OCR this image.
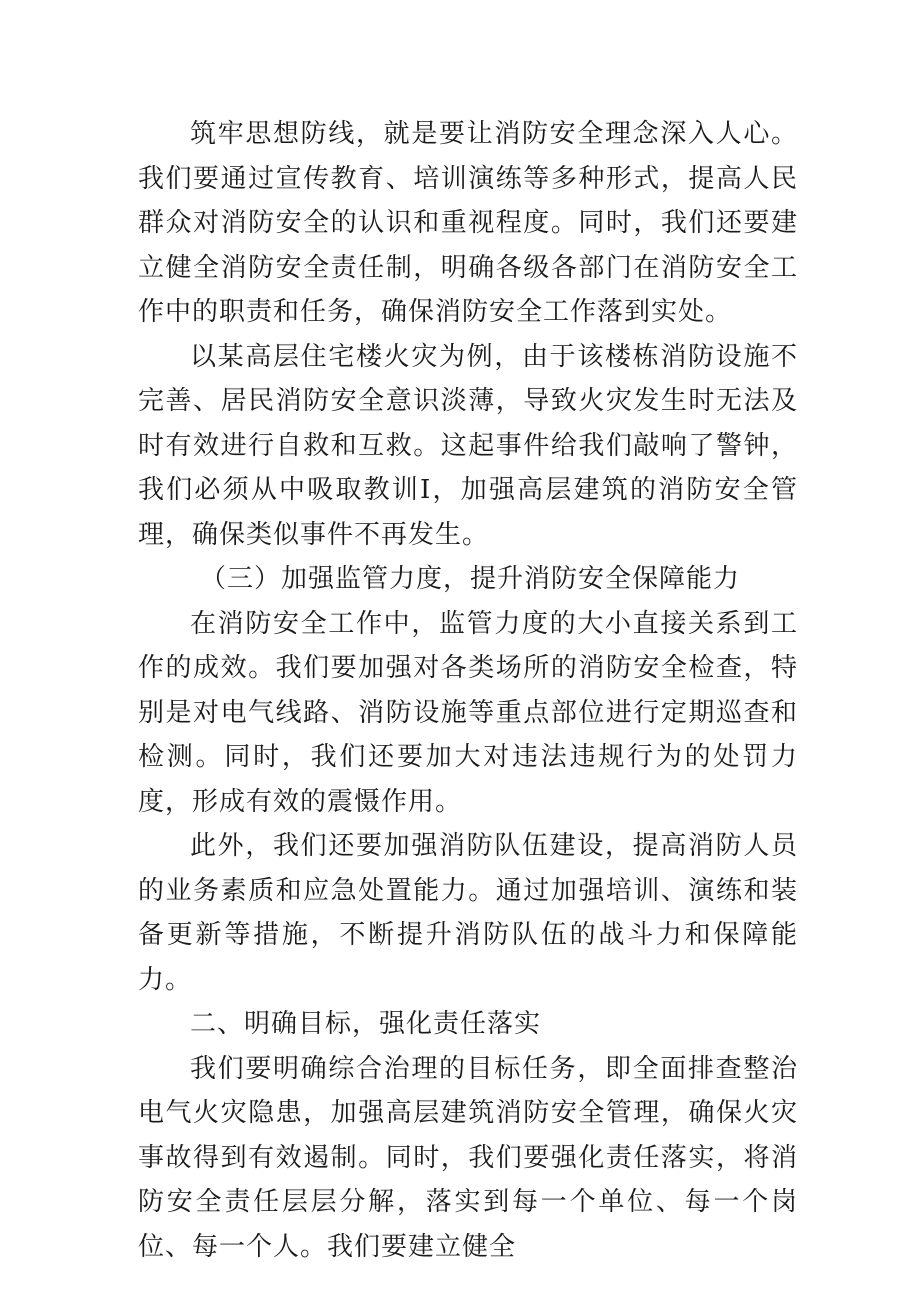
筑牢思想防线，就是要让消防安全理念深入人心。我们要通过宣传教育、培训演练等多种形式，提高人民群众对消防安全的认识和重视程度。同时，我们还要建立健全消防安全责任制，明确各级各部门在消防安全工作中的职责和任务，确保消防安全工作落到实处。

以某高层住宅楼火灾为例，由于该楼栋消防设施不完善、居民消防安全意识淡薄，导致火灾发生时无法及时有效进行自救和互救。这起事件给我们敲响了警钟，我们必须从中吸取教训I，加强高层建筑的消防安全管理，确保类似事件不再发生。

（三）加强监管力度，提升消防安全保障能力

在消防安全工作中，监管力度的大小直接关系到工作的成效。我们要加强对各类场所的消防安全检查，特别是对电气线路、消防设施等重点部位进行定期巡查和检测。同时，我们还要加大对违法违规行为的处罚力度，形成有效的震慑作用。

此外，我们还要加强消防队伍建设，提高消防人员的业务素质和应急处置能力。通过加强培训、演练和装备更新等措施，不断提升消防队伍的战斗力和保障能力。

二、明确目标，强化责任落实

我们要明确综合治理的目标任务，即全面排查整治电气火灾隐患，加强高层建筑消防安全管理，确保火灾事故得到有效遏制。同时，我们要强化责任落实，将消防安全责任层层分解，落实到每一个单位、每一个岗位、每一个人。我们要建立健全
